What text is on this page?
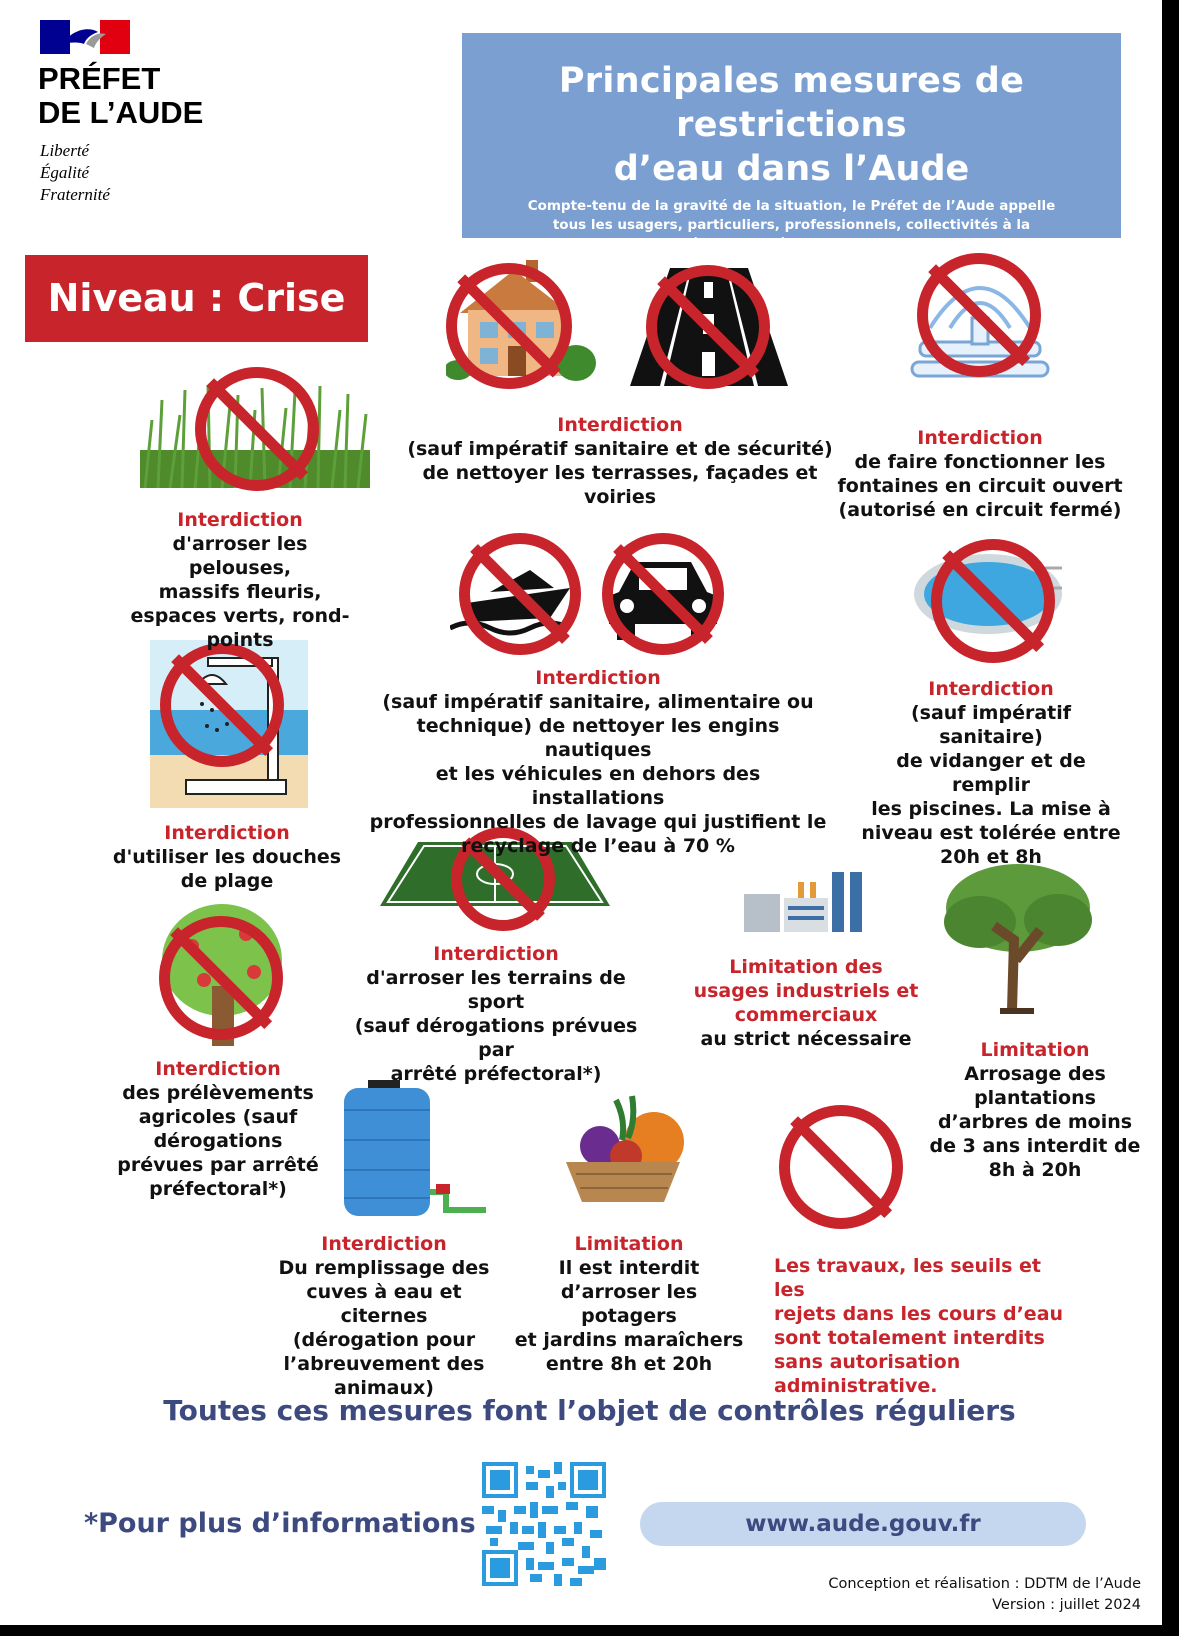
PRÉFET
DE L’AUDE
Liberté
Égalité
Fraternité
Principales mesures de restrictions
d’eau dans l’Aude
Compte-tenu de la gravité de la situation, le Préfet de l’Aude appelle
tous les usagers, particuliers, professionnels, collectivités à la
responsabilité afin de préserver la ressource en eau.
Niveau : Crise
Interdiction
d'arroser les pelouses,
massifs fleuris,
espaces verts, rond-
points
Interdiction
(sauf impératif sanitaire et de sécurité)
de nettoyer les terrasses, façades et
voiries
Interdiction
de faire fonctionner les
fontaines en circuit ouvert
(autorisé en circuit fermé)
Interdiction
(sauf impératif sanitaire, alimentaire ou
technique) de nettoyer les engins nautiques
et les véhicules en dehors des installations
professionnelles de lavage qui justifient le
recyclage de l’eau à 70 %
Interdiction
(sauf impératif sanitaire)
de vidanger et de remplir
les piscines. La mise à
niveau est tolérée entre
20h et 8h
Interdiction
d'utiliser les douches
de plage
Interdiction
d'arroser les terrains de sport
(sauf dérogations prévues par
arrêté préfectoral*)
Limitation des
usages industriels et
commerciaux
au strict nécessaire	Limitation
Arrosage des
plantations
d’arbres de moins
de 3 ans interdit de
8h à 20h
Interdiction
des prélèvements
agricoles (sauf
dérogations
prévues par arrêté
préfectoral*)
Interdiction
Du remplissage des
cuves à eau et citernes
(dérogation pour
l’abreuvement des
animaux)
Limitation
Il est interdit
d’arroser les potagers
et jardins maraîchers
entre 8h et 20h
Les travaux, les seuils et les
rejets dans les cours d’eau
sont totalement interdits
sans autorisation
administrative.
Toutes ces mesures font l’objet de contrôles réguliers
*Pour plus d’informations	www.aude.gouv.fr
Conception et réalisation : DDTM de l’Aude
Version : juillet 2024
